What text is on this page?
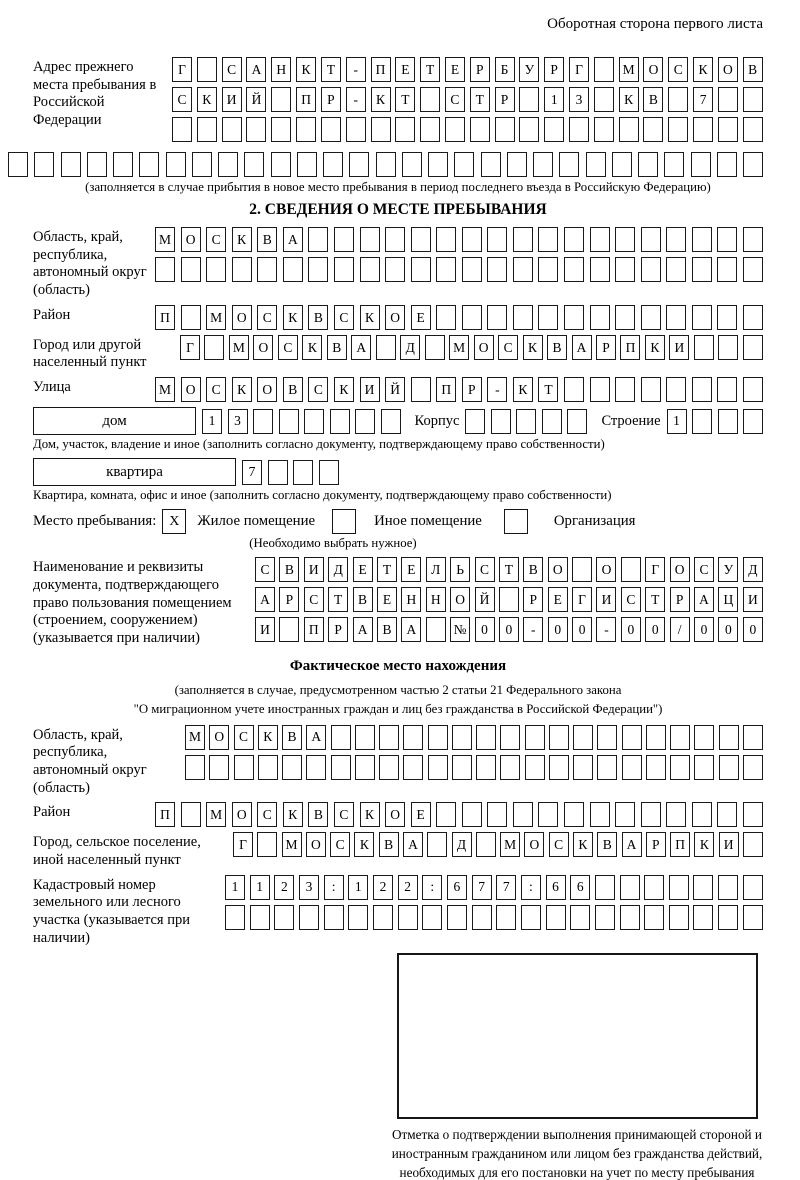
Оборотная сторона первого листа
Адрес прежнего места пребывания в Российской Федерации
Г	С	А	Н	К	Т	-	П	Е	Т	Е	Р	Б	У	Р	Г	М	О	С	К	О	В
С	К	И	Й	П	Р	-	К	Т	С	Т	Р	1	3	К	В	7
(заполняется в случае прибытия в новое место пребывания в период последнего въезда в Российскую Федерацию)
2. СВЕДЕНИЯ О МЕСТЕ ПРЕБЫВАНИЯ
Область, край, республика, автономный округ (область)
М	О	С	К	В	А
Район	П	М	О	С	К	В	С	К	О	Е
Город или другой населенный пункт
Г	М	О	С	К	В	А	Д	М	О	С	К	В	А	Р	П	К	И
Улица	М	О	С	К	О	В	С	К	И	Й	П	Р	-	К	Т
дом	1	3	Корпус	Строение 1
Дом, участок, владение и иное (заполнить согласно документу, подтверждающему право собственности)
квартира	7
Квартира, комната, офис и иное (заполнить согласно документу, подтверждающему право собственности)
Место пребывания: X	Жилое помещение	Иное помещение	Организация
(Необходимо выбрать нужное)
Наименование и реквизиты документа, подтверждающего право пользования помещением (строением, сооружением) (указывается при наличии)
С	В	И	Д	Е	Т	Е	Л	Ь	С	Т	В	О	О	Г	О	С	У	Д
А	Р	С	Т	В	Е	Н	Н	О	Й	Р	Е	Г	И	С	Т	Р	А	Ц	И
И	П	Р	А	В	А	№	0	0	-	0	0	-	0	0	/	0	0	0
Фактическое место нахождения
(заполняется в случае, предусмотренном частью 2 статьи 21 Федерального закона
"О миграционном учете иностранных граждан и лиц без гражданства в Российской Федерации")
Область, край, республика, автономный округ (область)
М О	С	К	В	А
Район	П	М	О	С	К	В	С	К	О	Е
Город, сельское поселение, иной населенный пункт
Г	М О	С	К	В	А	Д	М О	С	К	В	А	Р	П	К	И
Кадастровый номер земельного или лесного участка (указывается при наличии)
1	1	2	3	:	1	2	2	:	6	7	7	:	6	6
Отметка о подтверждении выполнения принимающей стороной и иностранным гражданином или лицом без гражданства действий, необходимых для его постановки на учет по месту пребывания
